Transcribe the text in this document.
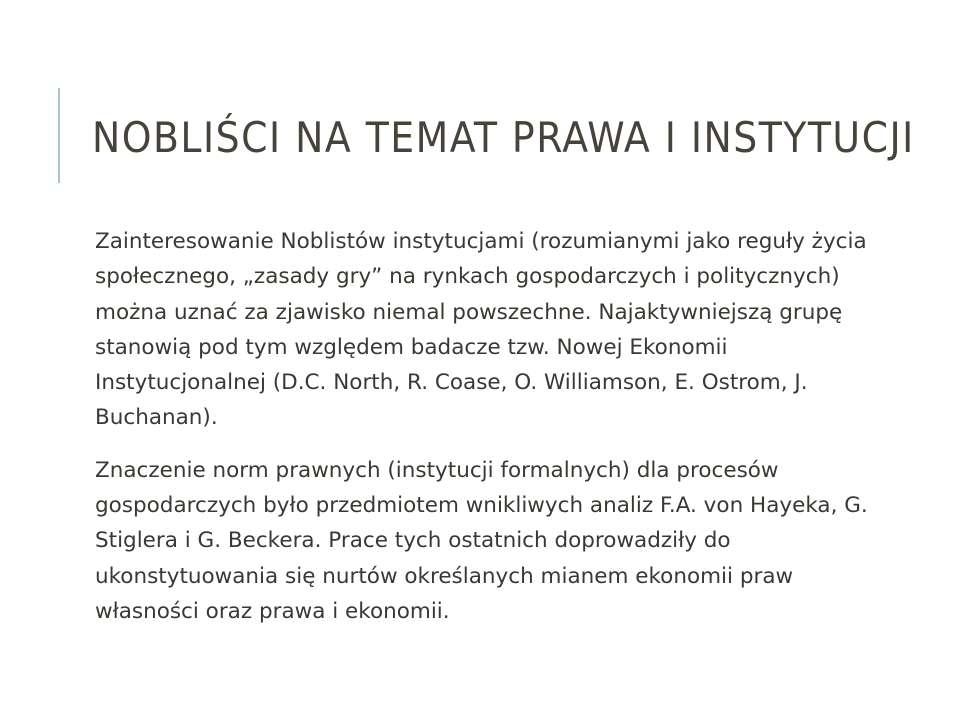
NOBLIŚCI NA TEMAT PRAWA I INSTYTUCJI

Zainteresowanie Noblistów instytucjami (rozumianymi jako reguły życia społecznego, „zasady gry” na rynkach gospodarczych i politycznych) można uznać za zjawisko niemal powszechne. Najaktywniejszą grupę stanowią pod tym względem badacze tzw. Nowej Ekonomii Instytucjonalnej (D.C. North, R. Coase, O. Williamson, E. Ostrom, J. Buchanan).

Znaczenie norm prawnych (instytucji formalnych) dla procesów gospodarczych było przedmiotem wnikliwych analiz F.A. von Hayeka, G. Stiglera i G. Beckera. Prace tych ostatnich doprowadziły do ukonstytuowania się nurtów określanych mianem ekonomii praw własności oraz prawa i ekonomii.
